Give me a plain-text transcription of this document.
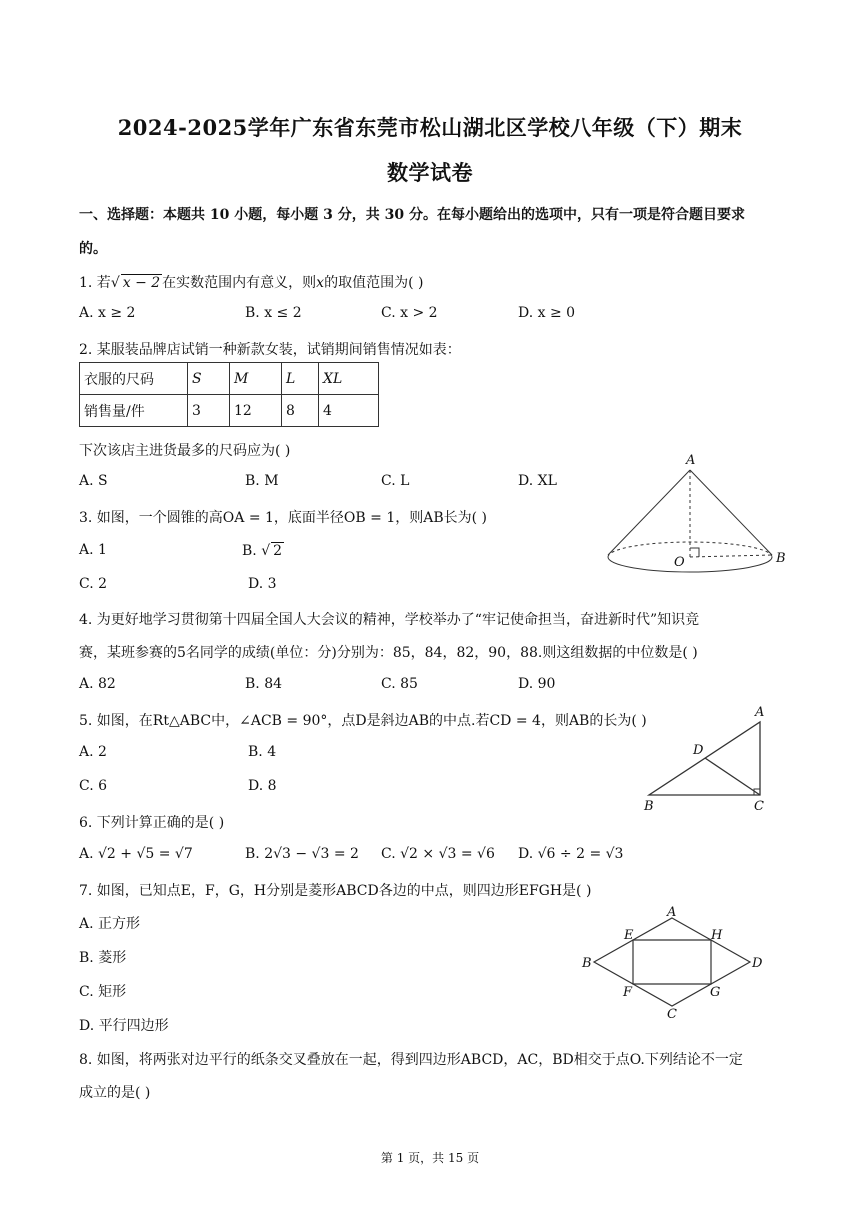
2024-2025学年广东省东莞市松山湖北区学校八年级（下）期末
数学试卷
一、选择题：本题共 10 小题，每小题 3 分，共 30 分。在每小题给出的选项中，只有一项是符合题目要求
的。
1. 若√ x − 2 在实数范围内有意义，则x的取值范围为( )
A. x ≥ 2	B. x ≤ 2	C. x > 2	D. x ≥ 0
2. 某服装品牌店试销一种新款女装，试销期间销售情况如表：
衣服的尺码	S	M	L	XL
销售量/件	3	12	8	4
下次该店主进货最多的尺码应为( )
A. S	B. M	C. L	D. XL
3. 如图，一个圆锥的高OA = 1，底面半径OB = 1，则AB长为( )
A. 1	B. √ 2
C. 2	D. 3
A
O	B
4. 为更好地学习贯彻第十四届全国人大会议的精神，学校举办了“牢记使命担当，奋进新时代”知识竞
赛，某班参赛的5名同学的成绩(单位：分)分别为：85，84，82，90，88.则这组数据的中位数是( )
A. 82	B. 84	C. 85	D. 90
5. 如图，在Rt△ABC中，∠ACB = 90°，点D是斜边AB的中点.若CD = 4，则AB的长为( )
A. 2	B. 4
C. 6	D. 8
A
D
B	C
6. 下列计算正确的是( )
A. √2 + √5 = √7	B. 2√3 − √3 = 2 C. √2 × √3 = √6 D. √6 ÷ 2 = √3
7. 如图，已知点E，F，G，H分别是菱形ABCD各边的中点，则四边形EFGH是( )
A. 正方形
B. 菱形
C. 矩形
D. 平行四边形
A
B
C
D
E
F	G
H
8. 如图，将两张对边平行的纸条交叉叠放在一起，得到四边形ABCD，AC，BD相交于点O.下列结论不一定
成立的是( )
第 1 页，共 15 页
